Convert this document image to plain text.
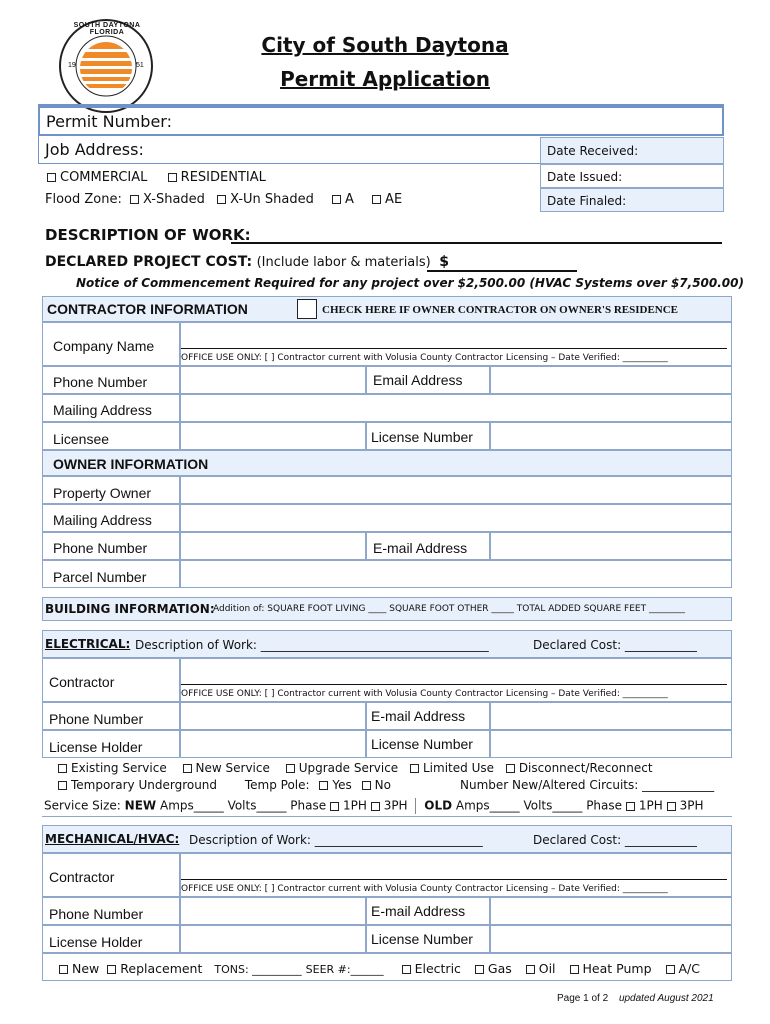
SOUTH DAYTONA FLORIDA
19	51
City of South Daytona
Permit Application
Permit Number:
Job Address:	Date Received:
Date Issued:
Date Finaled:
COMMERCIAL	RESIDENTIAL
Flood Zone: X-Shaded X-Un Shaded A AE
DESCRIPTION OF WORK:
DECLARED PROJECT COST: (Include labor & materials) $
Notice of Commencement Required for any project over $2,500.00 (HVAC Systems over $7,500.00)
CONTRACTOR INFORMATION	CHECK HERE IF OWNER CONTRACTOR ON OWNER'S RESIDENCE
Company Name
OFFICE USE ONLY: [ ] Contractor current with Volusia County Contractor Licensing – Date Verified: __________
Phone Number	Email Address
Mailing Address
Licensee	License Number
OWNER INFORMATION
Property Owner
Mailing Address
Phone Number	E-mail Address
Parcel Number
BUILDING INFORMATION:
Addition of: SQUARE FOOT LIVING ____ SQUARE FOOT OTHER _____ TOTAL ADDED SQUARE FEET ________
ELECTRICAL: Description of Work: ______________________________________	Declared Cost: ____________
Contractor
OFFICE USE ONLY: [ ] Contractor current with Volusia County Contractor Licensing – Date Verified: __________
Phone Number	E-mail Address
License Holder	License Number
Existing Service New Service Upgrade Service Limited Use Disconnect/Reconnect
Temporary Underground Temp Pole: Yes No	Number New/Altered Circuits: ____________
Service Size: NEW Amps_____ Volts_____ Phase 1PH 3PH OLD Amps_____ Volts_____ Phase 1PH 3PH
MECHANICAL/HVAC: Description of Work: ____________________________	Declared Cost: ____________
Contractor
OFFICE USE ONLY: [ ] Contractor current with Volusia County Contractor Licensing – Date Verified: __________
Phone Number	E-mail Address
License Holder	License Number
New Replacement TONS: _________ SEER #:______ Electric Gas Oil Heat Pump A/C
Page 1 of 2 updated August 2021
